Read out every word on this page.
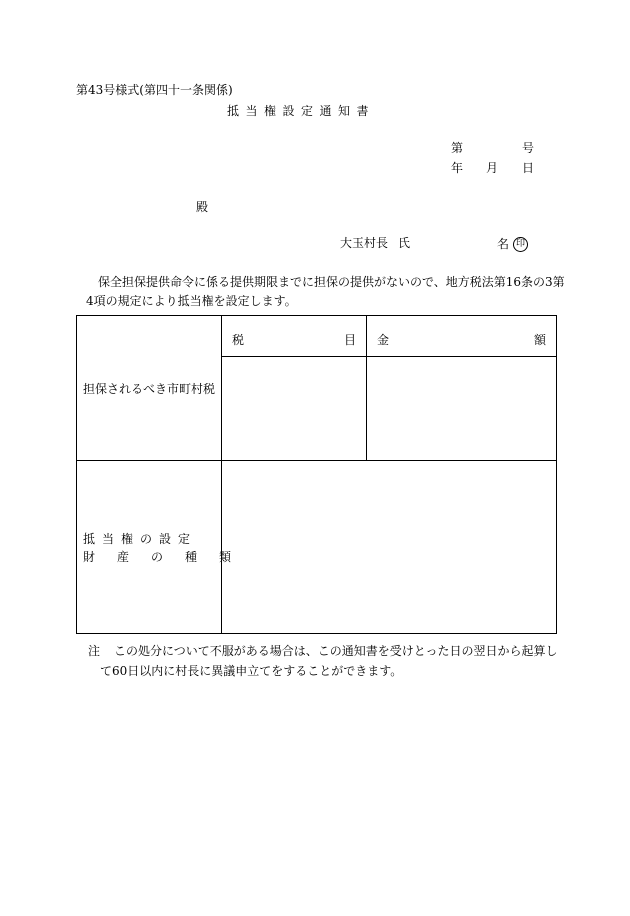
第43号様式(第四十一条関係)
抵当権設定通知書
第	号
年 月 日
殿
大玉村長 氏	名 印
保全担保提供命令に係る提供期限までに担保の提供がないので、地方税法第16条の3第
4項の規定により抵当権を設定します。
担保されるべき市町村税	税 目	金 額

抵当権の設定
財産の種類		

注 この処分について不服がある場合は、この通知書を受けとった日の翌日から起算し
て60日以内に村長に異議申立てをすることができます。
